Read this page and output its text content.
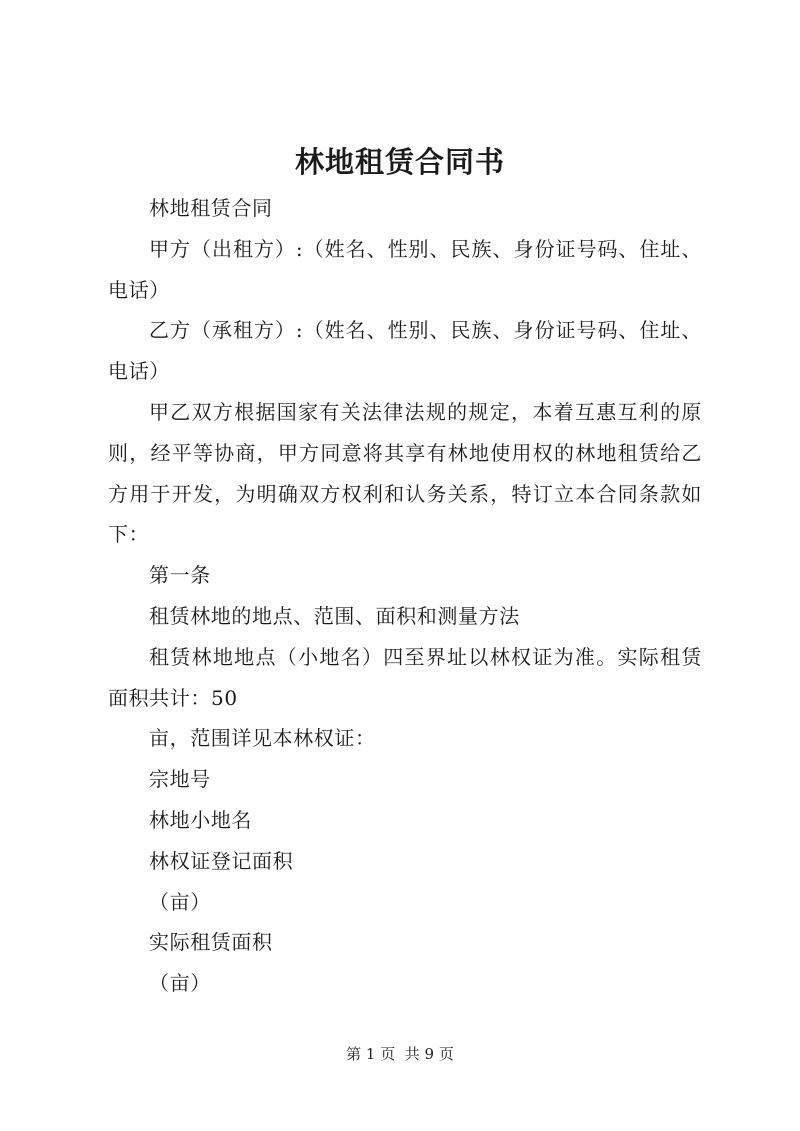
林地租赁合同书

林地租赁合同

甲方（出租方）:（姓名、性别、民族、身份证号码、住址、电话）

乙方（承租方）:（姓名、性别、民族、身份证号码、住址、电话）

甲乙双方根据国家有关法律法规的规定，本着互惠互利的原则，经平等协商，甲方同意将其享有林地使用权的林地租赁给乙方用于开发，为明确双方权利和认务关系，特订立本合同条款如下：

第一条

租赁林地的地点、范围、面积和测量方法

租赁林地地点（小地名）四至界址以林权证为准。实际租赁面积共计：50

亩，范围详见本林权证：

宗地号

林地小地名

林权证登记面积

（亩）

实际租赁面积

（亩）

第 1 页  共 9 页
